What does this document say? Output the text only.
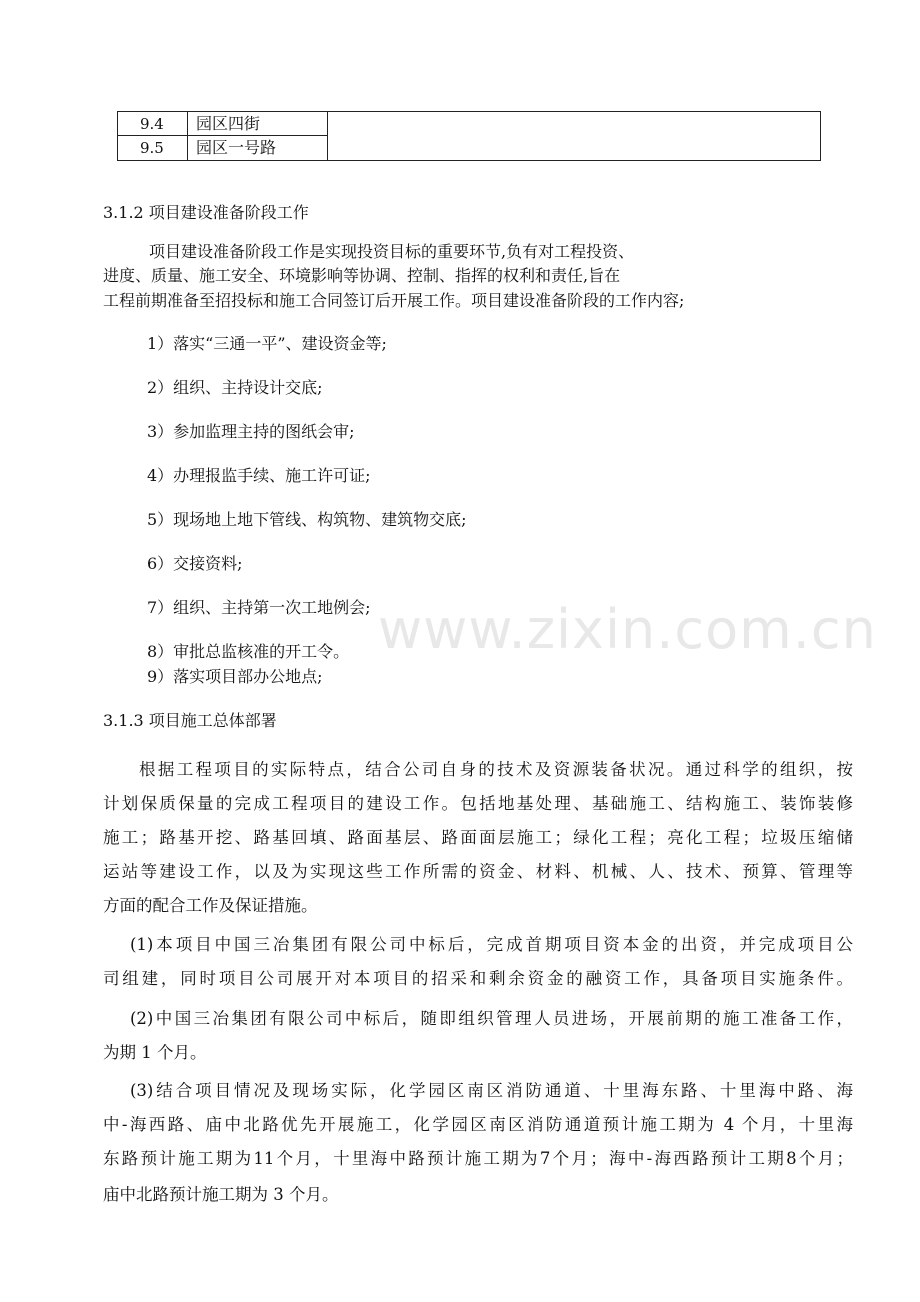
www.zixin.com.cn
9.4	园区四街
9.5	园区一号路
3.1.2 项目建设准备阶段工作
项目建设准备阶段工作是实现投资目标的重要环节,负有对工程投资、
进度、质量、施工安全、环境影响等协调、控制、指挥的权利和责任,旨在
工程前期准备至招投标和施工合同签订后开展工作。项目建设准备阶段的工作内容;
1）落实“三通一平”、建设资金等;
2）组织、主持设计交底;
3）参加监理主持的图纸会审;
4）办理报监手续、施工许可证;
5）现场地上地下管线、构筑物、建筑物交底;
6）交接资料;
7）组织、主持第一次工地例会;
8）审批总监核准的开工令。
9）落实项目部办公地点;
3.1.3 项目施工总体部署
根据工程项目的实际特点，结合公司自身的技术及资源装备状况。通过科学的组织，按
计划保质保量的完成工程项目的建设工作。包括地基处理、基础施工、结构施工、装饰装修
施工；路基开挖、路基回填、路面基层、路面面层施工；绿化工程；亮化工程；垃圾压缩储
运站等建设工作，以及为实现这些工作所需的资金、材料、机械、人、技术、预算、管理等
方面的配合工作及保证措施。
(1)本项目中国三冶集团有限公司中标后，完成首期项目资本金的出资，并完成项目公
司组建，同时项目公司展开对本项目的招采和剩余资金的融资工作，具备项目实施条件。
(2)中国三冶集团有限公司中标后，随即组织管理人员进场，开展前期的施工准备工作，
为期 1 个月。
(3)结合项目情况及现场实际，化学园区南区消防通道、十里海东路、十里海中路、海
中-海西路、庙中北路优先开展施工，化学园区南区消防通道预计施工期为 4 个月，十里海
东路预计施工期为11个月，十里海中路预计施工期为7个月；海中-海西路预计工期8个月；
庙中北路预计施工期为 3 个月。
